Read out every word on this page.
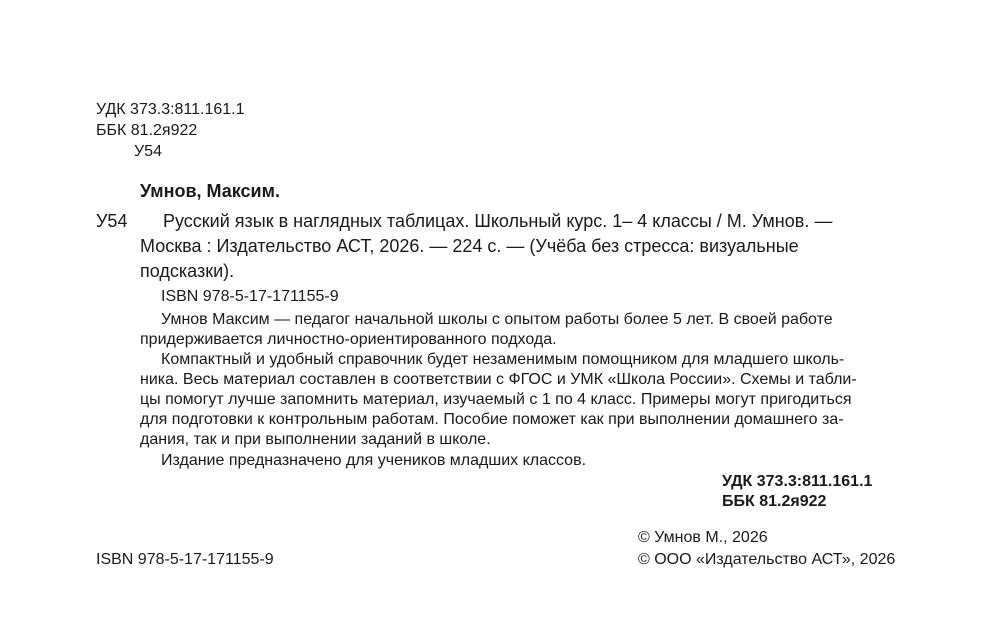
УДК 373.3:811.161.1
ББК 81.2я922
У54
Умнов, Максим.
У54 Русский язык в наглядных таблицах. Школьный курс. 1– 4 классы / М. Умнов. —
Москва : Издательство АСТ, 2026. — 224 с. — (Учёба без стресса: визуальные
подсказки).
ISBN 978-5-17-171155-9
Умнов Максим — педагог начальной школы с опытом работы более 5 лет. В своей работе
придерживается личностно-ориентированного подхода.
Компактный и удобный справочник будет незаменимым помощником для младшего школь-
ника. Весь материал составлен в соответствии с ФГОС и УМК «Школа России». Схемы и табли-
цы помогут лучше запомнить материал, изучаемый с 1 по 4 класс. Примеры могут пригодиться
для подготовки к контрольным работам. Пособие поможет как при выполнении домашнего за-
дания, так и при выполнении заданий в школе.
Издание предназначено для учеников младших классов.
УДК 373.3:811.161.1
ББК 81.2я922
© Умнов М., 2026
ISBN 978-5-17-171155-9	© ООО «Издательство АСТ», 2026
